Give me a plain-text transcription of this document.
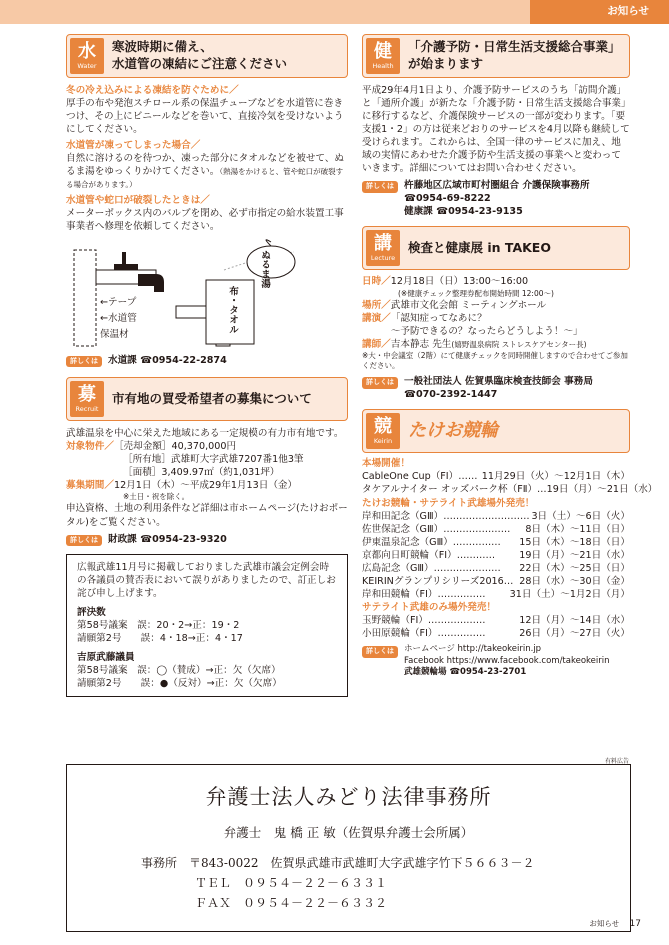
お知らせ
水
Water
寒波時期に備え、
水道管の凍結にご注意ください
冬の冷え込みによる凍結を防ぐために／
厚手の布や発泡スチロール系の保温チューブなどを水道管に巻きつけ、その上にビニールなどを巻いて、直接冷気を受けないようにしてください。
水道管が凍ってしまった場合／
自然に溶けるのを待つか、凍った部分にタオルなどを被せて、ぬるま湯をゆっくりかけてください。（熱湯をかけると、管や蛇口が破裂する場合があります。）
水道管や蛇口が破裂したときは／
メーターボックス内のバルブを閉め、必ず市指定の給水装置工事事業者へ修理を依頼してください。
←テープ
←水道管
保温材
布・タオル
ぬるま湯
詳しくは	水道課 ☎0954-22-2874
募
Recruit
市有地の買受希望者の募集について
武雄温泉を中心に栄えた地域にある一定規模の有力市有地です。
対象物件／ ［売却金額］40,370,000円
［所有地］武雄町大字武雄7207番1他3筆
［面積］3,409.97㎡（約1,031坪）
募集期間／ 12月1日（木）〜平成29年1月13日（金）
※土日・祝を除く。
申込資格、土地の利用条件など詳細は市ホームページ(たけおポータル)をご覧ください。
詳しくは	財政課 ☎0954-23-9320
広報武雄11月号に掲載しておりました武雄市議会定例会時の各議員の賛否表において誤りがありましたので、訂正しお詫び申し上げます。
評決数
第58号議案　誤：20・2→正：19・2
請願第2号　　誤：4・18→正：4・17
吉原武藤議員
第58号議案　誤：◯（賛成）→正：欠（欠席）
請願第2号　　誤：●（反対）→正：欠（欠席）
健
Health
「介護予防・日常生活支援総合事業」
が始まります
平成29年4月1日より、介護予防サービスのうち「訪問介護」と「通所介護」が新たな「介護予防・日常生活支援総合事業」に移行するなど、介護保険サービスの一部が変わります。「要支援1・2」の方は従来どおりのサービスを4月以降も継続して受けられます。これからは、全国一律のサービスに加え、地域の実情にあわせた介護予防や生活支援の事業へと変わっていきます。詳細についてはお問い合わせください。
詳しくは	杵藤地区広域市町村圏組合 介護保険事務所
☎0954-69-8222
健康課 ☎0954-23-9135
講
Lecture
検査と健康展 in TAKEO
日時／ 12月18日（日）13:00〜16:00
(※健康チェック整理券配布開始時間 12:00〜)
場所／ 武雄市文化会館 ミーティングホール
講演／ 「認知症ってなあに？
〜予防できるの？なったらどうしよう！〜」
講師／ 吉本静志 先生 (嬉野温泉病院 ストレスケアセンター長)
※大・中会議室（2階）にて健康チェックを同時開催しますので合わせてご参加ください。
詳しくは	一般社団法人 佐賀県臨床検査技師会 事務局
☎070-2392-1447
競
Keirin
たけお競輪
本場開催！
CableOne Cup（FⅠ）…… 11月29日（火）〜12月1日（木）
タケアルナイター オッズパーク杯（FⅡ）… 19日（月）〜21日（水）
たけお競輪・サテライト武雄場外発売！
岸和田記念（GⅢ）……………………… 3日（土）〜6日（火）
佐世保記念（GⅢ）…………………	8日（木）〜11日（日）
伊東温泉記念（GⅢ）……………	15日（木）〜18日（日）
京都向日町競輪（FⅠ）…………	19日（月）〜21日（水）
広島記念（GⅢ）…………………	22日（木）〜25日（日）
KEIRINグランプリシリーズ2016… 28日（水）〜30日（金）
岸和田競輪（FⅠ）……………	31日（土）〜1月2日（月）
サテライト武雄のみ場外発売！
玉野競輪（FⅠ）………………	12日（月）〜14日（水）
小田原競輪（FⅠ）……………	26日（月）〜27日（火）
詳しくは	ホームページ http://takeokeirin.jp
Facebook https://www.facebook.com/takeokeirin
武雄競輪場 ☎0954-23-2701
有料広告
弁護士法人みどり法律事務所
弁護士　鬼 橋 正 敏（佐賀県弁護士会所属）
事務所　〒843-0022　佐賀県武雄市武雄町大字武雄字竹下５６６３－２
ＴＥＬ　０９５４－２２－６３３１
ＦＡＸ　０９５４－２２－６３３２
お知らせ 17
